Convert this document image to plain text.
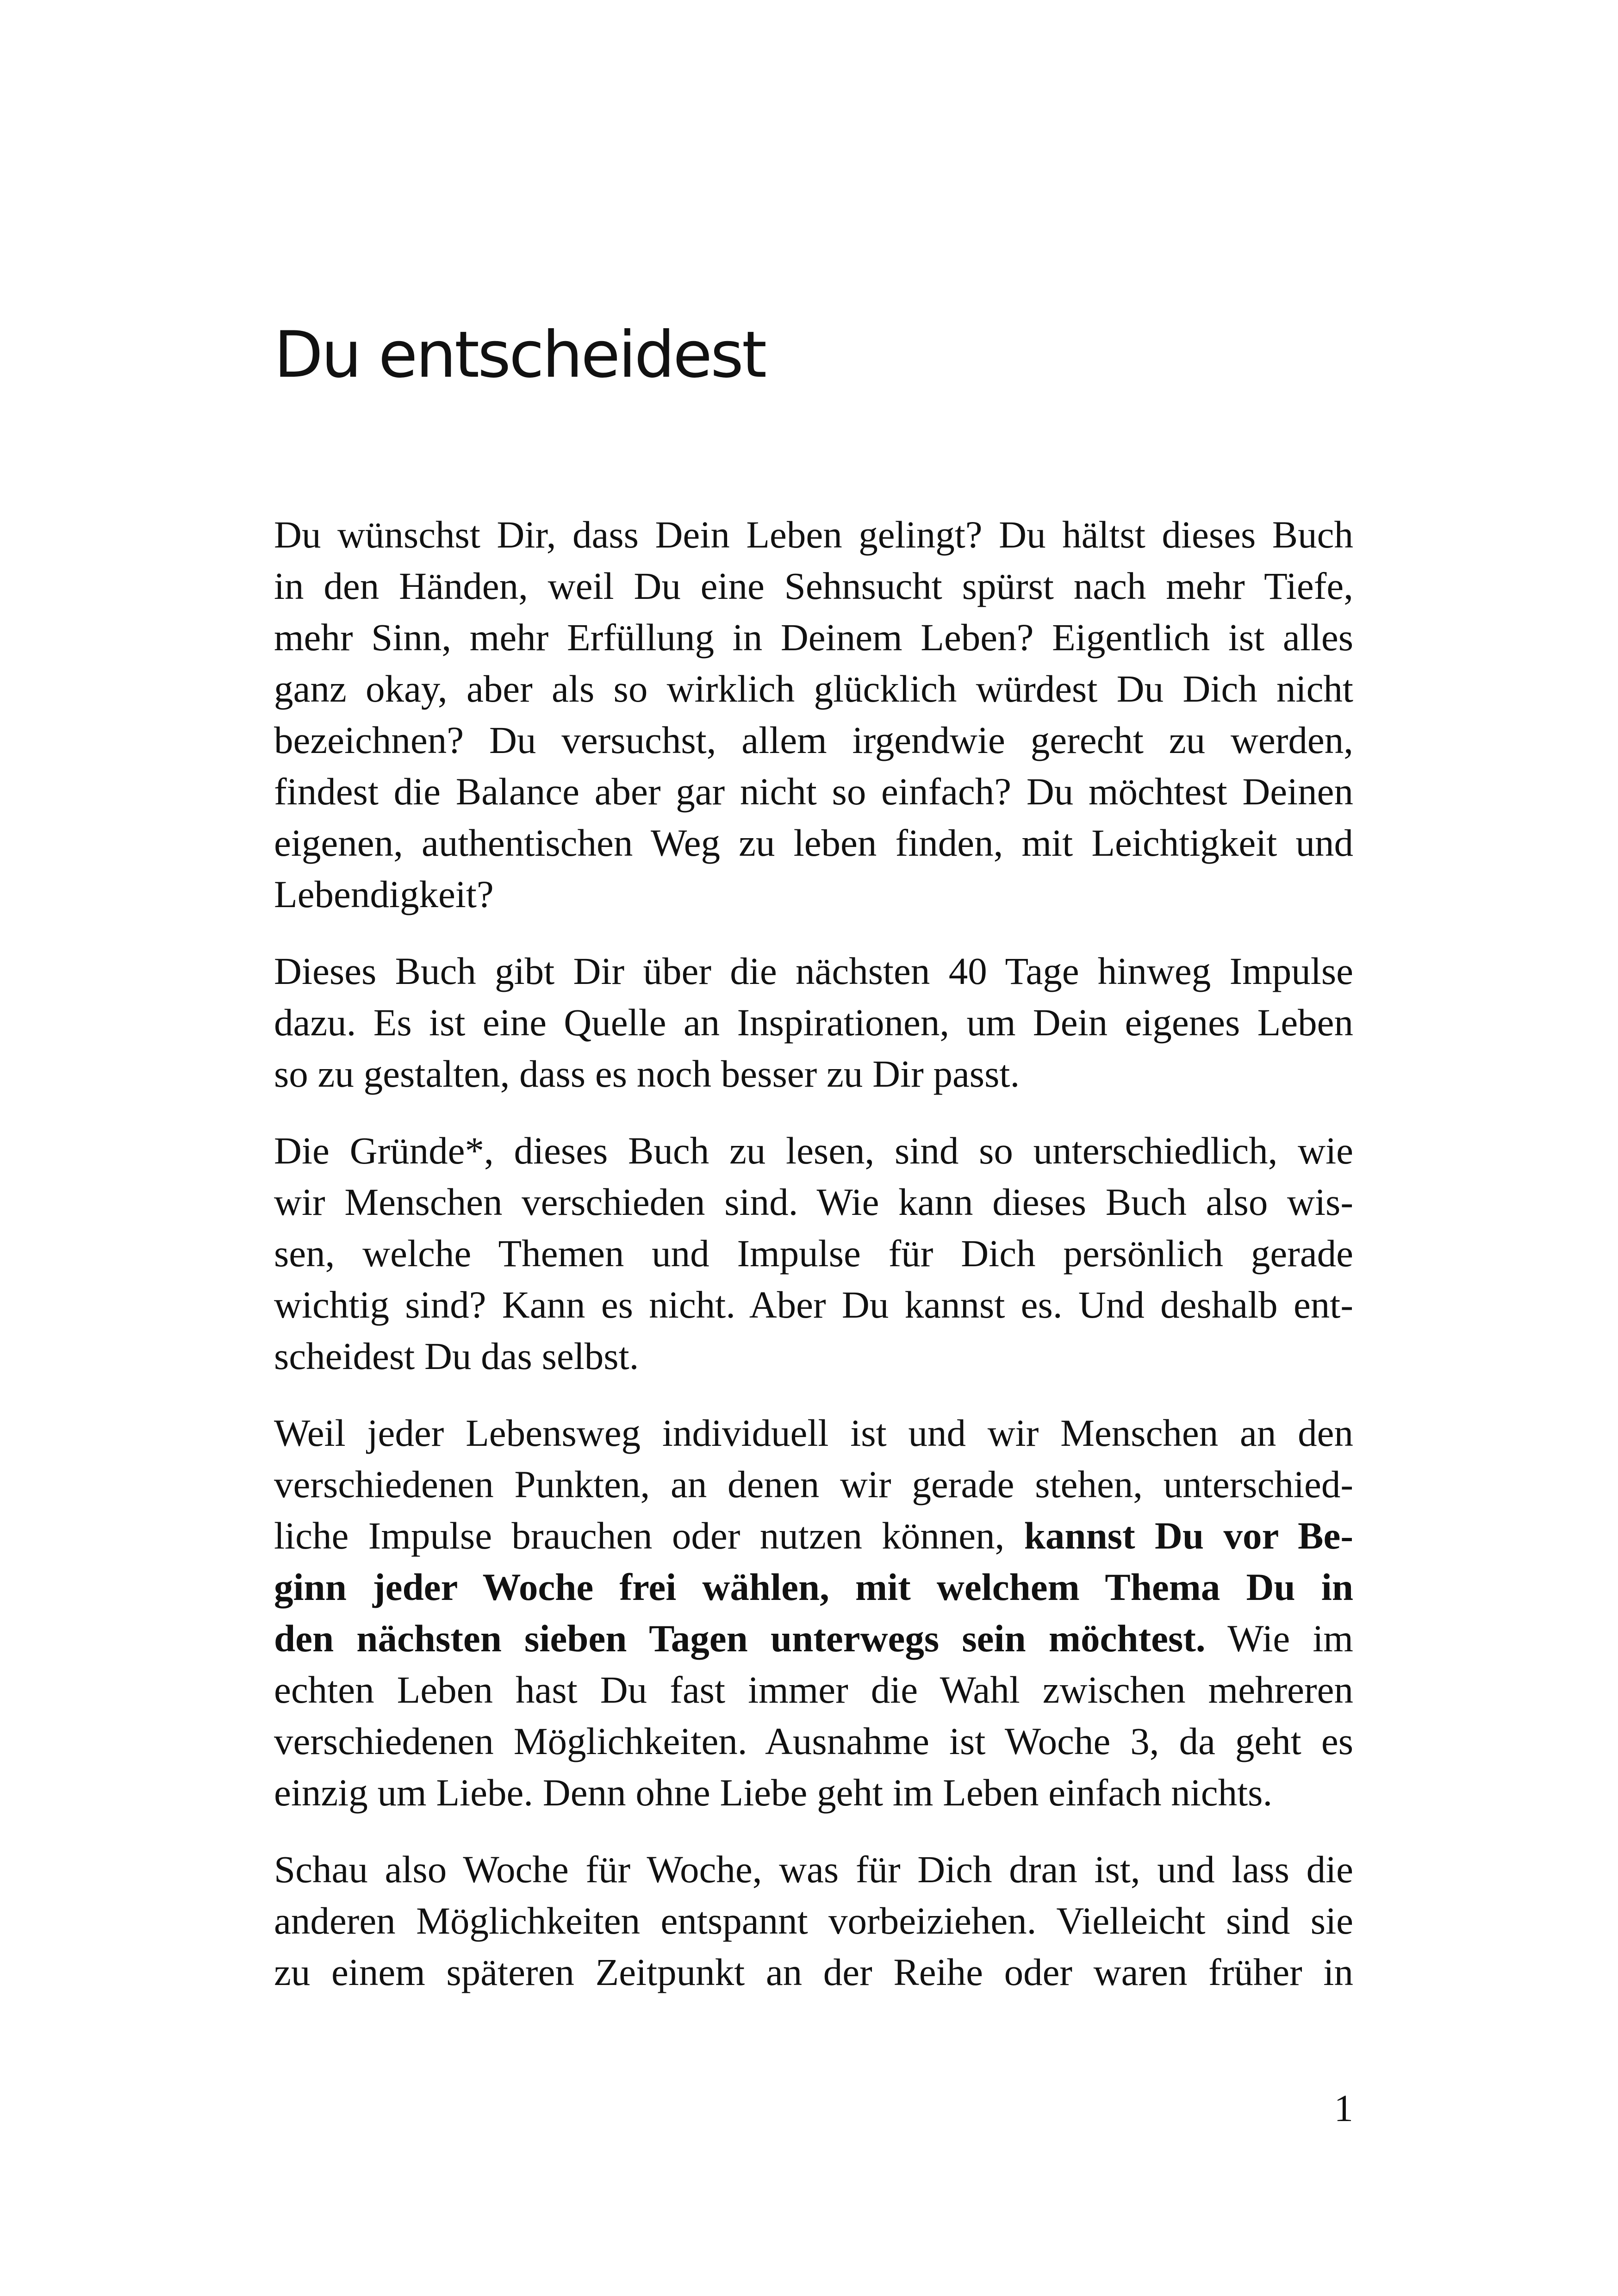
Du entscheidest

Du wünschst Dir, dass Dein Leben gelingt? Du hältst dieses Buch
in den Händen, weil Du eine Sehnsucht spürst nach mehr Tiefe,
mehr Sinn, mehr Erfüllung in Deinem Leben? Eigentlich ist alles
ganz okay, aber als so wirklich glücklich würdest Du Dich nicht
bezeichnen? Du versuchst, allem irgendwie gerecht zu werden,
findest die Balance aber gar nicht so einfach? Du möchtest Deinen
eigenen, authentischen Weg zu leben finden, mit Leichtigkeit und
Lebendigkeit?

Dieses Buch gibt Dir über die nächsten 40 Tage hinweg Impulse
dazu. Es ist eine Quelle an Inspirationen, um Dein eigenes Leben
so zu gestalten, dass es noch besser zu Dir passt.

Die Gründe*, dieses Buch zu lesen, sind so unterschiedlich, wie
wir Menschen verschieden sind. Wie kann dieses Buch also wis-
sen, welche Themen und Impulse für Dich persönlich gerade
wichtig sind? Kann es nicht. Aber Du kannst es. Und deshalb ent-
scheidest Du das selbst.

Weil jeder Lebensweg individuell ist und wir Menschen an den
verschiedenen Punkten, an denen wir gerade stehen, unterschied-
liche Impulse brauchen oder nutzen können, kannst Du vor Be-
ginn jeder Woche frei wählen, mit welchem Thema Du in
den nächsten sieben Tagen unterwegs sein möchtest. Wie im
echten Leben hast Du fast immer die Wahl zwischen mehreren
verschiedenen Möglichkeiten. Ausnahme ist Woche 3, da geht es
einzig um Liebe. Denn ohne Liebe geht im Leben einfach nichts.

Schau also Woche für Woche, was für Dich dran ist, und lass die
anderen Möglichkeiten entspannt vorbeiziehen. Vielleicht sind sie
zu einem späteren Zeitpunkt an der Reihe oder waren früher in

1
